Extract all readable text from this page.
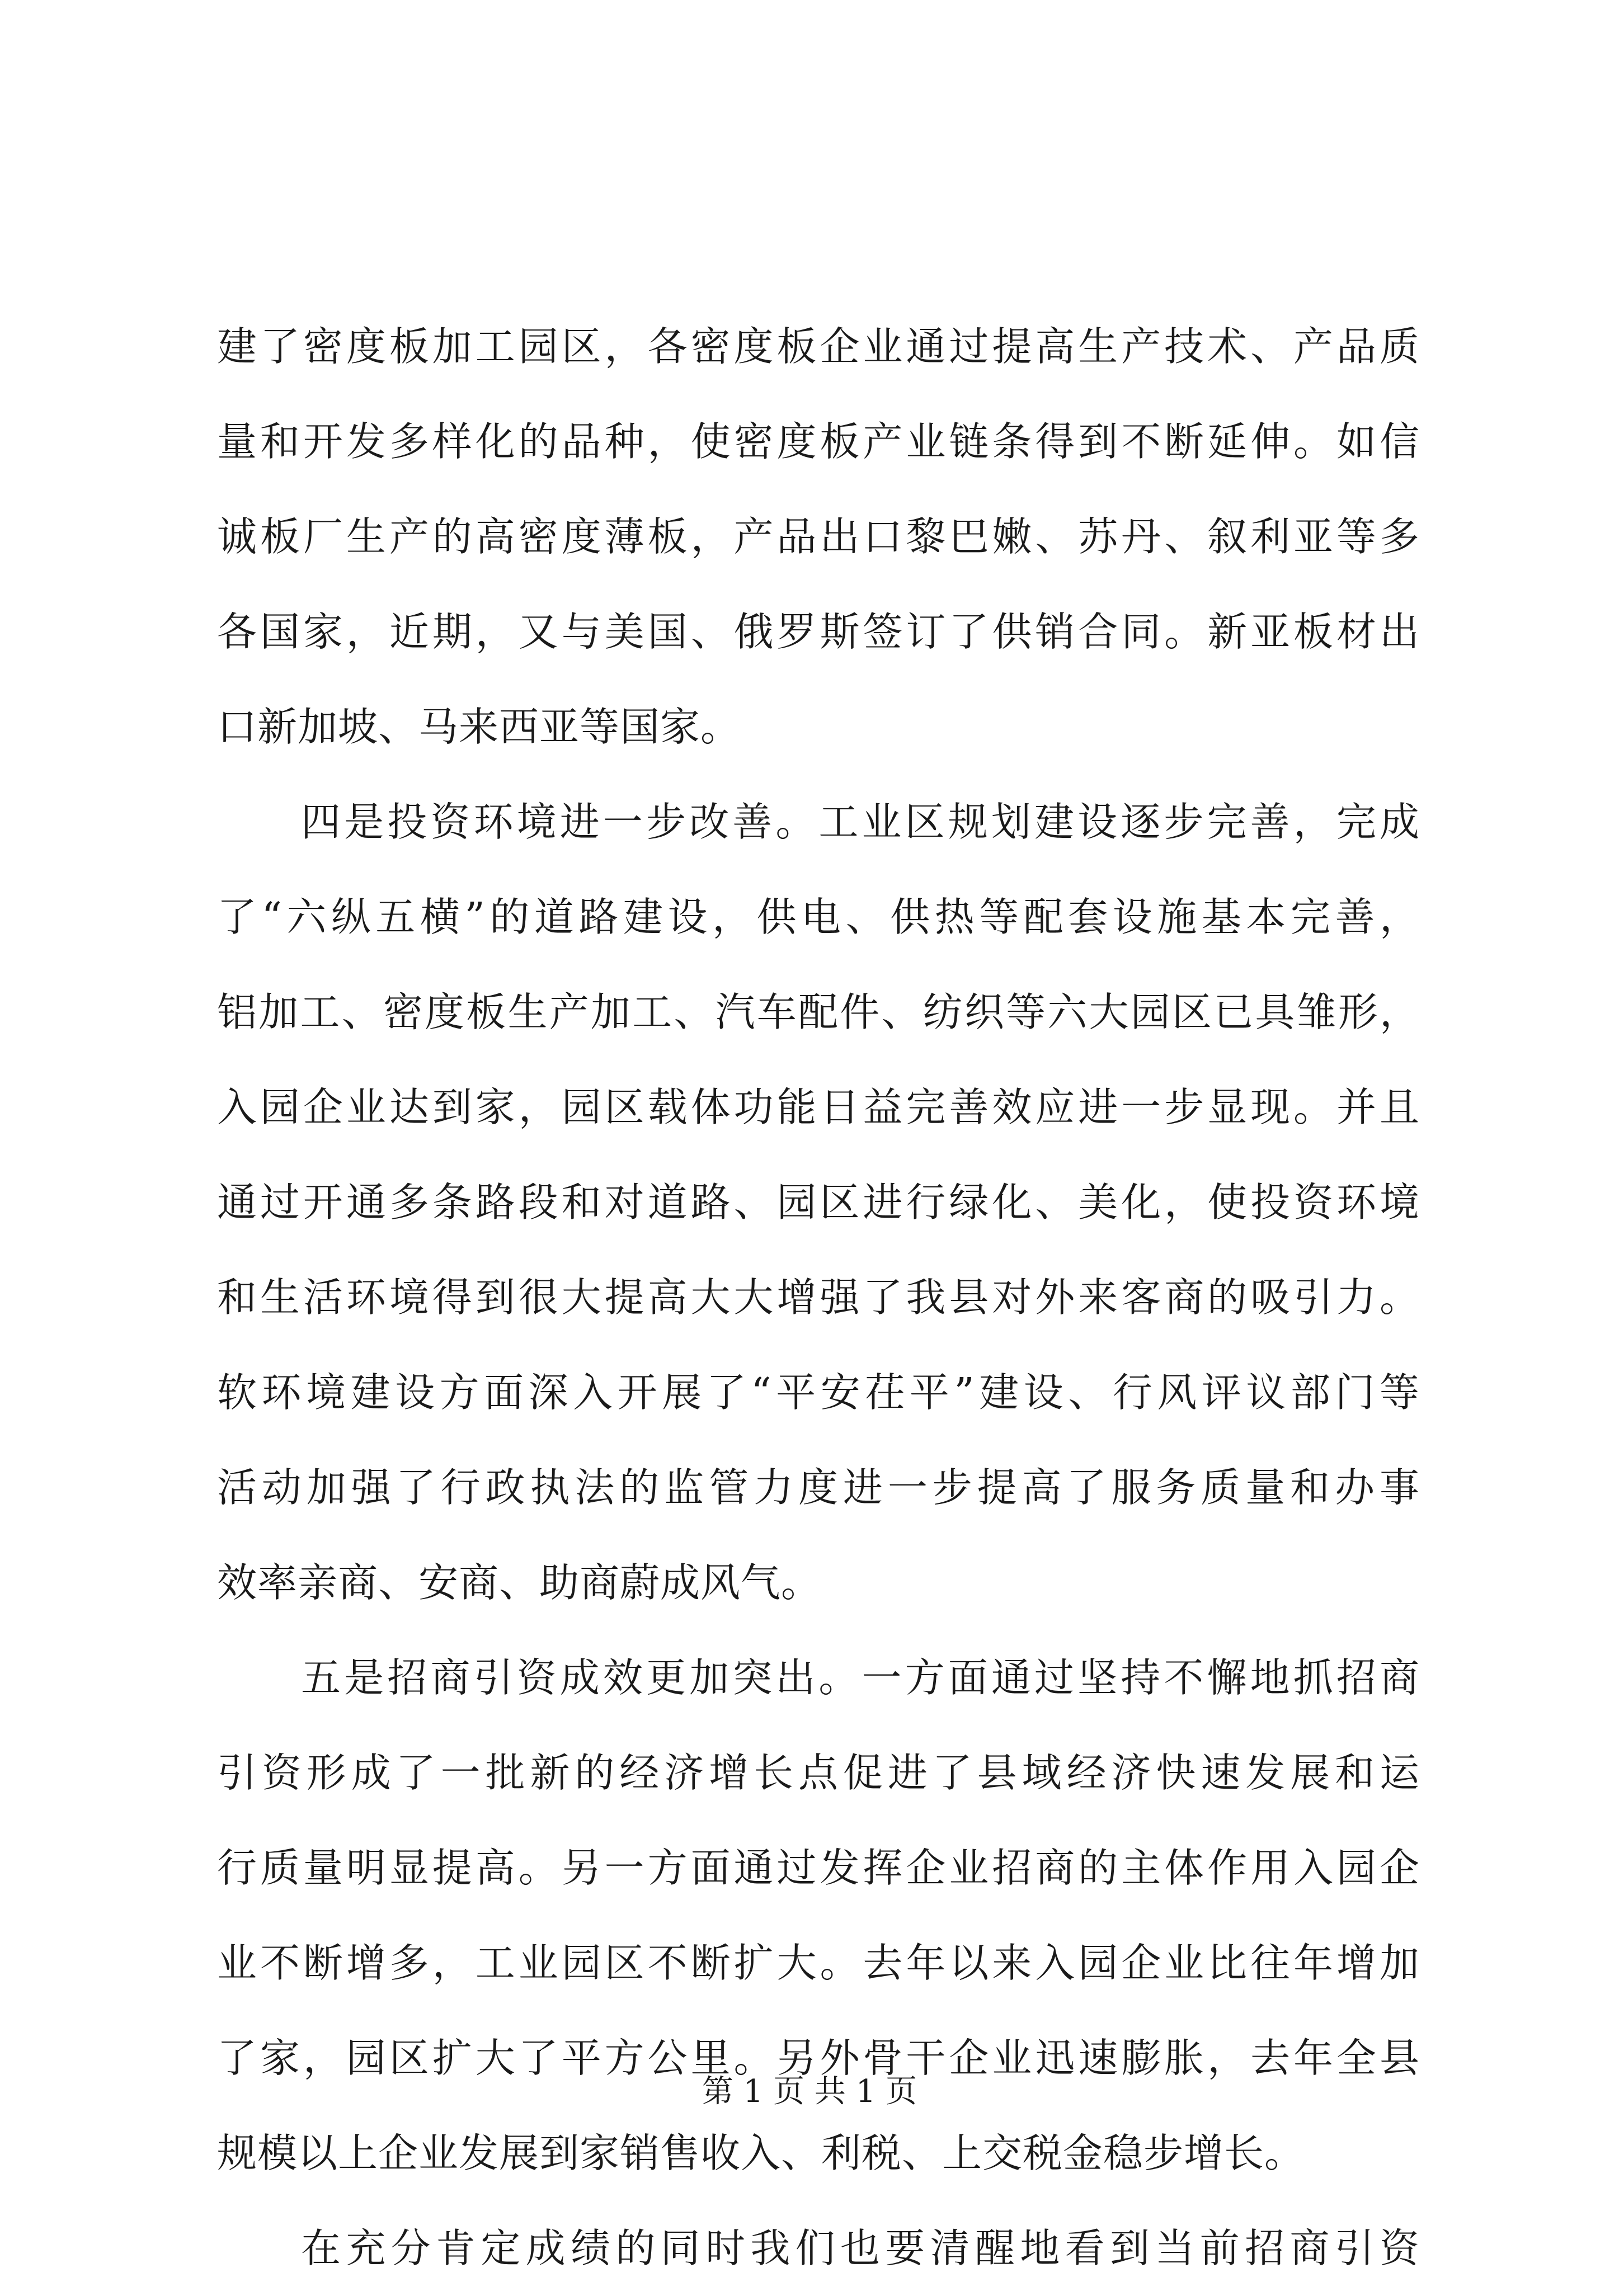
建了密度板加工园区，各密度板企业通过提高生产技术、产品质
量和开发多样化的品种，使密度板产业链条得到不断延伸。如信
诚板厂生产的高密度薄板，产品出口黎巴嫩、苏丹、叙利亚等多
各国家，近期，又与美国、俄罗斯签订了供销合同。新亚板材出
口新加坡、马来西亚等国家。
四是投资环境进一步改善。工业区规划建设逐步完善，完成
了“六纵五横”的道路建设，供电、供热等配套设施基本完善，
铝加工、密度板生产加工、汽车配件、纺织等六大园区已具雏形，
入园企业达到家，园区载体功能日益完善效应进一步显现。并且
通过开通多条路段和对道路、园区进行绿化、美化，使投资环境
和生活环境得到很大提高大大增强了我县对外来客商的吸引力。
软环境建设方面深入开展了“平安茌平”建设、行风评议部门等
活动加强了行政执法的监管力度进一步提高了服务质量和办事
效率亲商、安商、助商蔚成风气。
五是招商引资成效更加突出。一方面通过坚持不懈地抓招商
引资形成了一批新的经济增长点促进了县域经济快速发展和运
行质量明显提高。另一方面通过发挥企业招商的主体作用入园企
业不断增多，工业园区不断扩大。去年以来入园企业比往年增加
了家，园区扩大了平方公里。另外骨干企业迅速膨胀，去年全县
规模以上企业发展到家销售收入、利税、上交税金稳步增长。
在充分肯定成绩的同时我们也要清醒地看到当前招商引资
第 1 页 共 1 页
